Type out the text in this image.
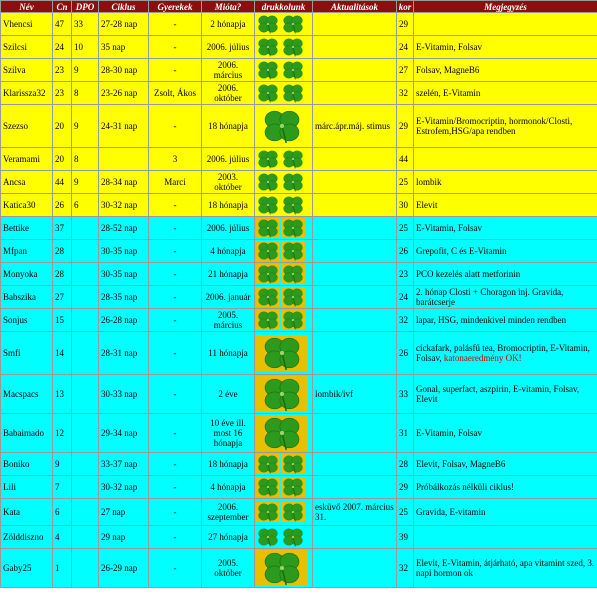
Név	Cn	DPO	Ciklus	Gyerekek	Mióta?	drukkolunk	Aktualitások	kor	Megjegyzés
Vhencsi	47	33	27-28 nap	-	2 hónapja			29	
Szilcsi	24	10	35 nap	-	2006. július			24	E-Vitamin, Folsav
Szilva	23	9	28-30 nap	-	2006. március			27	Folsav, MagneB6
Klarissza32	23	8	23-26 nap	Zsolt, Ákos	2006. október			32	szelén, E-Vitamin
Szezso	20	9	24-31 nap	-	18 hónapja		márc.ápr.máj. stimus	29	E-Vitamin/Bromocriptin, hormonok/Closti, Estrofem,HSG/apa rendben
Veramami	20	8		3	2006. július			44	
Ancsa	44	9	28-34 nap	Marci	2003. október			25	lombik
Katica30	26	6	30-32 nap	-	18 hónapja			30	Elevit
Bettike	37		28-52 nap	-	2006. július			25	E-Vitamin, Folsav
Mfpan	28		30-35 nap	-	4 hónapja			26	Grepofit, C és E-Vitamin
Monyoka	28		30-35 nap	-	21 hónapja			23	PCO kezelés alatt metforinin
Babszika	27		28-35 nap	-	2006. január			24	2. hónap Closti + Choragon inj. Gravida, barátcserje
Sonjus	15		26-28 nap	-	2005. március			32	lapar, HSG, mindenkivel minden rendben
Smfi	14		28-31 nap	-	11 hónapja			26	cickafark, palásfű tea, Bromocriptin, E-Vitamin, Folsav, katonaeredmény OK!
Macspacs	13		30-33 nap	-	2 éve		lombik/ivf	33	Gonal, superfact, aszpirin, E-vitamin, Folsav, Elevit
Babaimado	12		29-34 nap	-	10 éve ill. most 16 hónapja			31	E-Vitamin, Folsav
Boniko	9		33-37 nap	-	18 hónapja			28	Elevit, Folsav, MagneB6
Lili	7		30-32 nap	-	4 hónapja			29	Próbálkozás nélküli ciklus!
Kata	6		27 nap	-	2006. szeptember		esküvő 2007. március 31.	25	Gravida, E-vitamin
Zölddiszno	4		29 nap	-	27 hónapja			39	
Gaby25	1		26-29 nap	-	2005. október			32	Elevit, E-Vitamin, átjárható, apa vitamint szed, 3. napi hormon ok
